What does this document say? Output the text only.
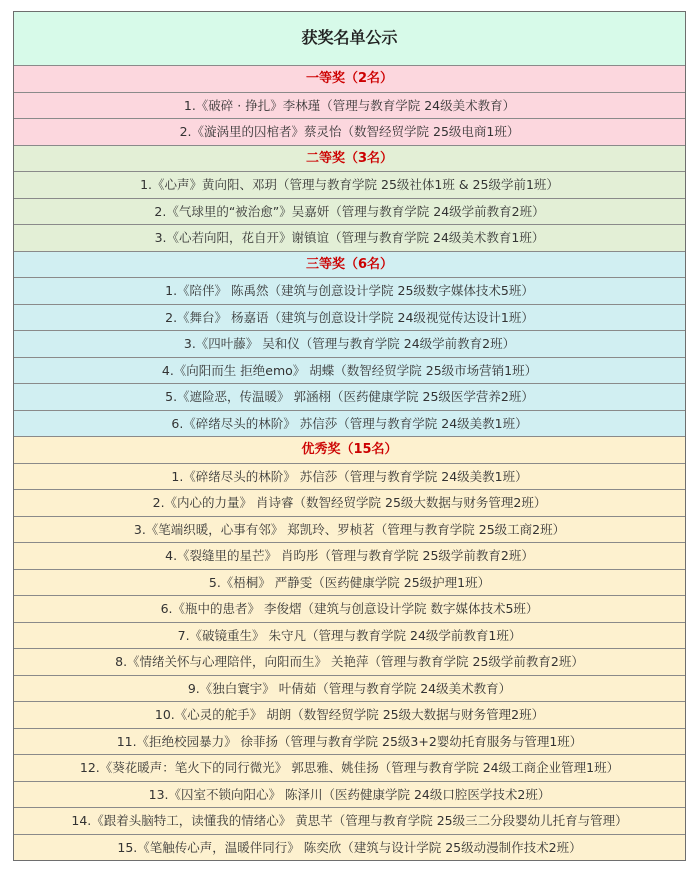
获奖名单公示
一等奖（2名）
1.《破碎 · 挣扎》李林瑾（管理与教育学院 24级美术教育）
2.《漩涡里的囚棺者》蔡灵怡（数智经贸学院 25级电商1班）
二等奖（3名）
1.《心声》黄向阳、邓玥（管理与教育学院 25级社体1班 & 25级学前1班）
2.《气球里的“被治愈”》吴嘉妍（管理与教育学院 24级学前教育2班）
3.《心若向阳，花自开》谢镇谊（管理与教育学院 24级美术教育1班）
三等奖（6名）
1.《陪伴》 陈禹然（建筑与创意设计学院 25级数字媒体技术5班）
2.《舞台》 杨嘉语（建筑与创意设计学院 24级视觉传达设计1班）
3.《四叶藤》 吴和仪（管理与教育学院 24级学前教育2班）
4.《向阳而生 拒绝emo》 胡蝶（数智经贸学院 25级市场营销1班）
5.《遮险恶，传温暖》 郭涵栩（医药健康学院 25级医学营养2班）
6.《碎绪尽头的林阶》 苏信莎（管理与教育学院 24级美教1班）
优秀奖（15名）
1.《碎绪尽头的林阶》 苏信莎（管理与教育学院 24级美教1班）
2.《内心的力量》 肖诗睿（数智经贸学院 25级大数据与财务管理2班）
3.《笔端织暖，心事有邻》 郑凯玲、罗桢茗（管理与教育学院 25级工商2班）
4.《裂缝里的星芒》 肖昀彤（管理与教育学院 25级学前教育2班）
5.《梧桐》 严静雯（医药健康学院 25级护理1班）
6.《瓶中的患者》 李俊熠（建筑与创意设计学院 数字媒体技术5班）
7.《破镜重生》 朱守凡（管理与教育学院 24级学前教育1班）
8.《情绪关怀与心理陪伴，向阳而生》 关艳萍（管理与教育学院 25级学前教育2班）
9.《独白寰宇》 叶倩茹（管理与教育学院 24级美术教育）
10.《心灵的舵手》 胡朗（数智经贸学院 25级大数据与财务管理2班）
11.《拒绝校园暴力》 徐菲扬（管理与教育学院 25级3+2婴幼托育服务与管理1班）
12.《葵花暖声：笔火下的同行微光》 郭思雅、姚佳扬（管理与教育学院 24级工商企业管理1班）
13.《囚室不锁向阳心》 陈泽川（医药健康学院 24级口腔医学技术2班）
14.《跟着头脑特工，读懂我的情绪心》 黄思芊（管理与教育学院 25级三二分段婴幼儿托育与管理）
15.《笔触传心声，温暖伴同行》 陈奕欣（建筑与设计学院 25级动漫制作技术2班）
